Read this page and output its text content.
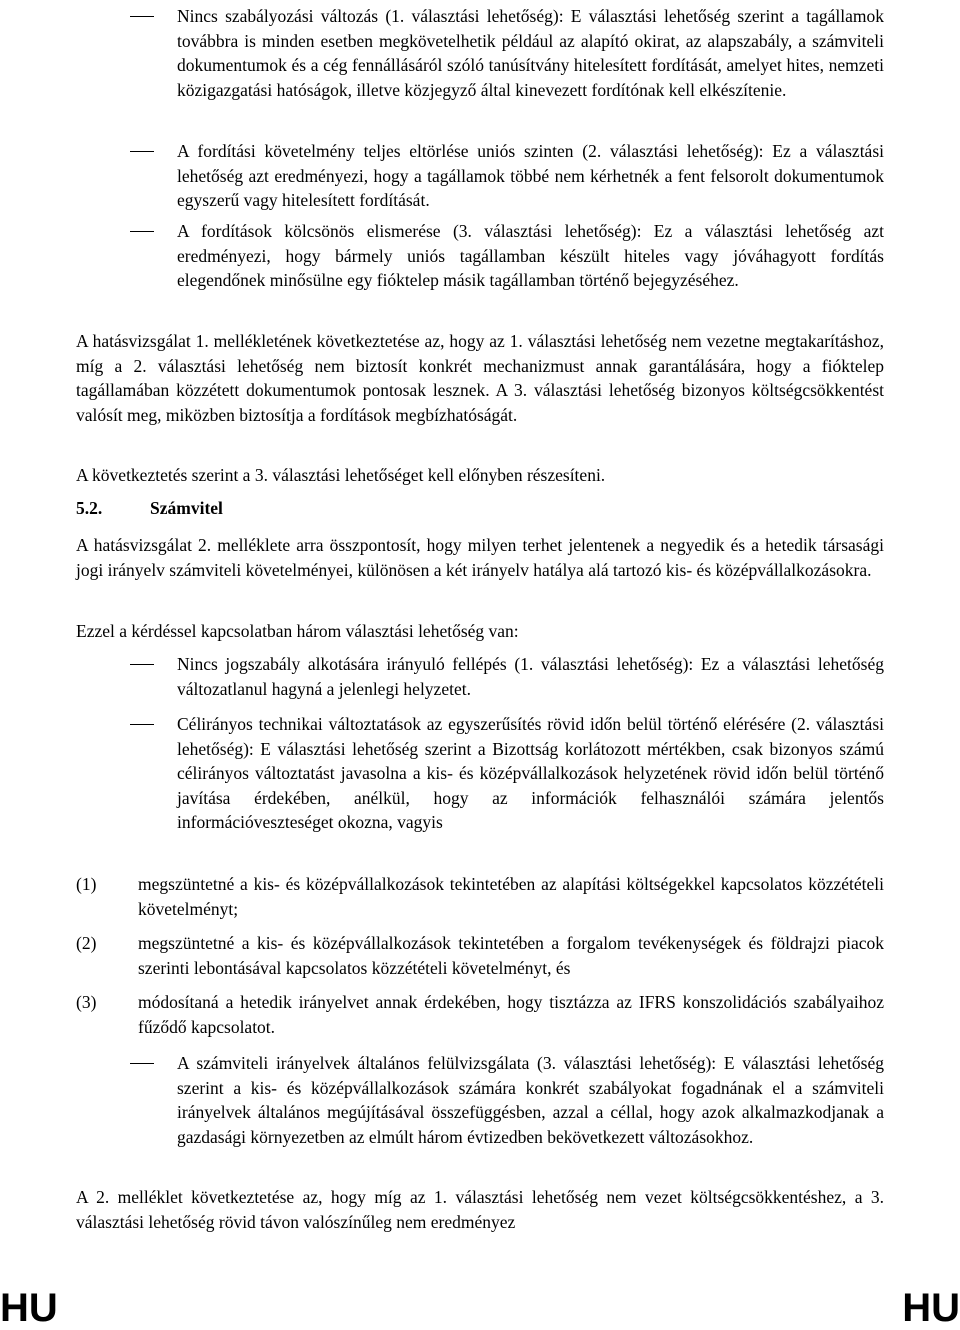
Nincs szabályozási változás (1. választási lehetőség): E választási lehetőség szerint a tagállamok továbbra is minden esetben megkövetelhetik például az alapító okirat, az alapszabály, a számviteli dokumentumok és a cég fennállásáról szóló tanúsítvány hitelesített fordítását, amelyet hites, nemzeti közigazgatási hatóságok, illetve közjegyző által kinevezett fordítónak kell elkészítenie.
A fordítási követelmény teljes eltörlése uniós szinten (2. választási lehetőség): Ez a választási lehetőség azt eredményezi, hogy a tagállamok többé nem kérhetnék a fent felsorolt dokumentumok egyszerű vagy hitelesített fordítását.
A fordítások kölcsönös elismerése (3. választási lehetőség): Ez a választási lehetőség azt eredményezi, hogy bármely uniós tagállamban készült hiteles vagy jóváhagyott fordítás elegendőnek minősülne egy fióktelep másik tagállamban történő bejegyzéséhez.

A hatásvizsgálat 1. mellékletének következtetése az, hogy az 1. választási lehetőség nem vezetne megtakarításhoz, míg a 2. választási lehetőség nem biztosít konkrét mechanizmust annak garantálására, hogy a fióktelep tagállamában közzétett dokumentumok pontosak lesznek. A 3. választási lehetőség bizonyos költségcsökkentést valósít meg, miközben biztosítja a fordítások megbízhatóságát.

A következtetés szerint a 3. választási lehetőséget kell előnyben részesíteni.

5.2.	Számvitel

A hatásvizsgálat 2. melléklete arra összpontosít, hogy milyen terhet jelentenek a negyedik és a hetedik társasági jogi irányelv számviteli követelményei, különösen a két irányelv hatálya alá tartozó kis- és középvállalkozásokra.

Ezzel a kérdéssel kapcsolatban három választási lehetőség van:

Nincs jogszabály alkotására irányuló fellépés (1. választási lehetőség): Ez a választási lehetőség változatlanul hagyná a jelenlegi helyzetet.
Célirányos technikai változtatások az egyszerűsítés rövid időn belül történő elérésére (2. választási lehetőség): E választási lehetőség szerint a Bizottság korlátozott mértékben, csak bizonyos számú célirányos változtatást javasolna a kis- és középvállalkozások helyzetének rövid időn belül történő javítása érdekében, anélkül, hogy az információk felhasználói számára jelentős információveszteséget okozna, vagyis
(1) megszüntetné a kis- és középvállalkozások tekintetében az alapítási költségekkel kapcsolatos közzétételi követelményt;
(2) megszüntetné a kis- és középvállalkozások tekintetében a forgalom tevékenységek és földrajzi piacok szerinti lebontásával kapcsolatos közzétételi követelményt, és
(3) módosítaná a hetedik irányelvet annak érdekében, hogy tisztázza az IFRS konszolidációs szabályaihoz fűződő kapcsolatot.
A számviteli irányelvek általános felülvizsgálata (3. választási lehetőség): E választási lehetőség szerint a kis- és középvállalkozások számára konkrét szabályokat fogadnának el a számviteli irányelvek általános megújításával összefüggésben, azzal a céllal, hogy azok alkalmazkodjanak a gazdasági környezetben az elmúlt három évtizedben bekövetkezett változásokhoz.

A 2. melléklet következtetése az, hogy míg az 1. választási lehetőség nem vezet költségcsökkentéshez, a 3. választási lehetőség rövid távon valószínűleg nem eredményez

HU	HU
